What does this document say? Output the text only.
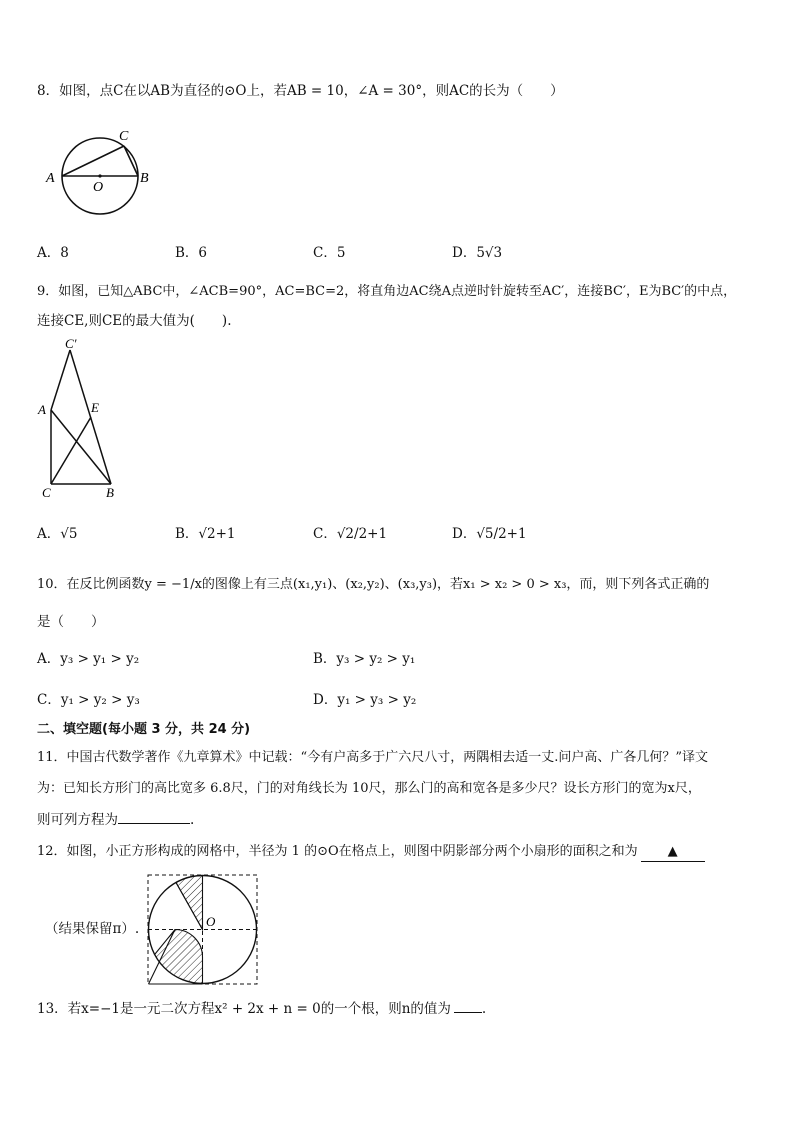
8．如图，点C在以AB为直径的⊙O上，若AB = 10，∠A = 30°，则AC的长为（　　）
A	B
C
O
A．8	B．6	C．5	D．5√3
9．如图，已知△ABC中，∠ACB=90°，AC=BC=2，将直角边AC绕A点逆时针旋转至AC′，连接BC′，E为BC′的中点，
连接CE,则CE的最大值为(　　).
C′
A	E
C	B
A．√5	B．√2+1	C．√2/2+1	D．√5/2+1
10．在反比例函数y = −1/x的图像上有三点(x₁,y₁)、(x₂,y₂)、(x₃,y₃)，若x₁ > x₂ > 0 > x₃，而，则下列各式正确的
是（　　）
A．y₃ > y₁ > y₂	B．y₃ > y₂ > y₁
C．y₁ > y₂ > y₃	D．y₁ > y₃ > y₂
二、填空题(每小题 3 分，共 24 分)
11．中国古代数学著作《九章算术》中记载：“今有户高多于广六尺八寸，两隅相去适一丈.问户高、广各几何？”译文
为：已知长方形门的高比宽多 6.8尺，门的对角线长为 10尺，那么门的高和宽各是多少尺？设长方形门的宽为x尺，
则可列方程为	.
12．如图，小正方形构成的网格中，半径为 1 的⊙O在格点上，则图中阴影部分两个小扇形的面积之和为 ▲
（结果保留π）.	O
13．若x=−1是一元二次方程x² + 2x + n = 0的一个根，则n的值为 .
